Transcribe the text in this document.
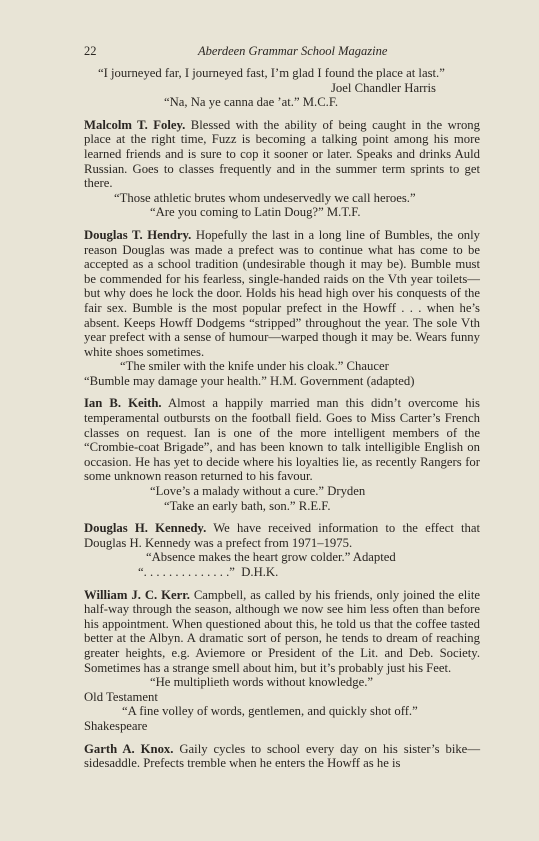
22	Aberdeen Grammar School Magazine

“I journeyed far, I journeyed fast, I’m glad I found the place at last.”

Joel Chandler Harris

“Na, Na ye canna dae ’at.” M.C.F.

Malcolm T. Foley. Blessed with the ability of being caught in the wrong place at the right time, Fuzz is becoming a talking point among his more learned friends and is sure to cop it sooner or later. Speaks and drinks Auld Russian. Goes to classes frequently and in the summer term sprints to get there.

“Those athletic brutes whom undeservedly we call heroes.”

“Are you coming to Latin Doug?” M.T.F.

Douglas T. Hendry. Hopefully the last in a long line of Bumbles, the only reason Douglas was made a prefect was to continue what has come to be accepted as a school tradition (undesirable though it may be). Bumble must be commended for his fearless, single-handed raids on the Vth year toilets—but why does he lock the door. Holds his head high over his conquests of the fair sex. Bumble is the most popular prefect in the Howff . . . when he’s absent. Keeps Howff Dodgems “stripped” throughout the year. The sole Vth year prefect with a sense of humour—warped though it may be. Wears funny white shoes sometimes.

“The smiler with the knife under his cloak.” Chaucer

“Bumble may damage your health.” H.M. Government (adapted)

Ian B. Keith. Almost a happily married man this didn’t overcome his temperamental outbursts on the football field. Goes to Miss Carter’s French classes on request. Ian is one of the more intelligent members of the “Crombie-coat Brigade”, and has been known to talk intelligible English on occasion. He has yet to decide where his loyalties lie, as recently Rangers for some unknown reason returned to his favour.

“Love’s a malady without a cure.” Dryden

“Take an early bath, son.” R.E.F.

Douglas H. Kennedy. We have received information to the effect that Douglas H. Kennedy was a prefect from 1971–1975.

“Absence makes the heart grow colder.” Adapted

“. . . . . . . . . . . . . .”  D.H.K.

William J. C. Kerr. Campbell, as called by his friends, only joined the elite half-way through the season, although we now see him less often than before his appointment. When questioned about this, he told us that the coffee tasted better at the Albyn. A dramatic sort of person, he tends to dream of reaching greater heights, e.g. Aviemore or President of the Lit. and Deb. Society. Sometimes has a strange smell about him, but it’s probably just his Feet.

“He multiplieth words without knowledge.”

Old Testament

“A fine volley of words, gentlemen, and quickly shot off.”

Shakespeare

Garth A. Knox. Gaily cycles to school every day on his sister’s bike—sidesaddle. Prefects tremble when he enters the Howff as he is
